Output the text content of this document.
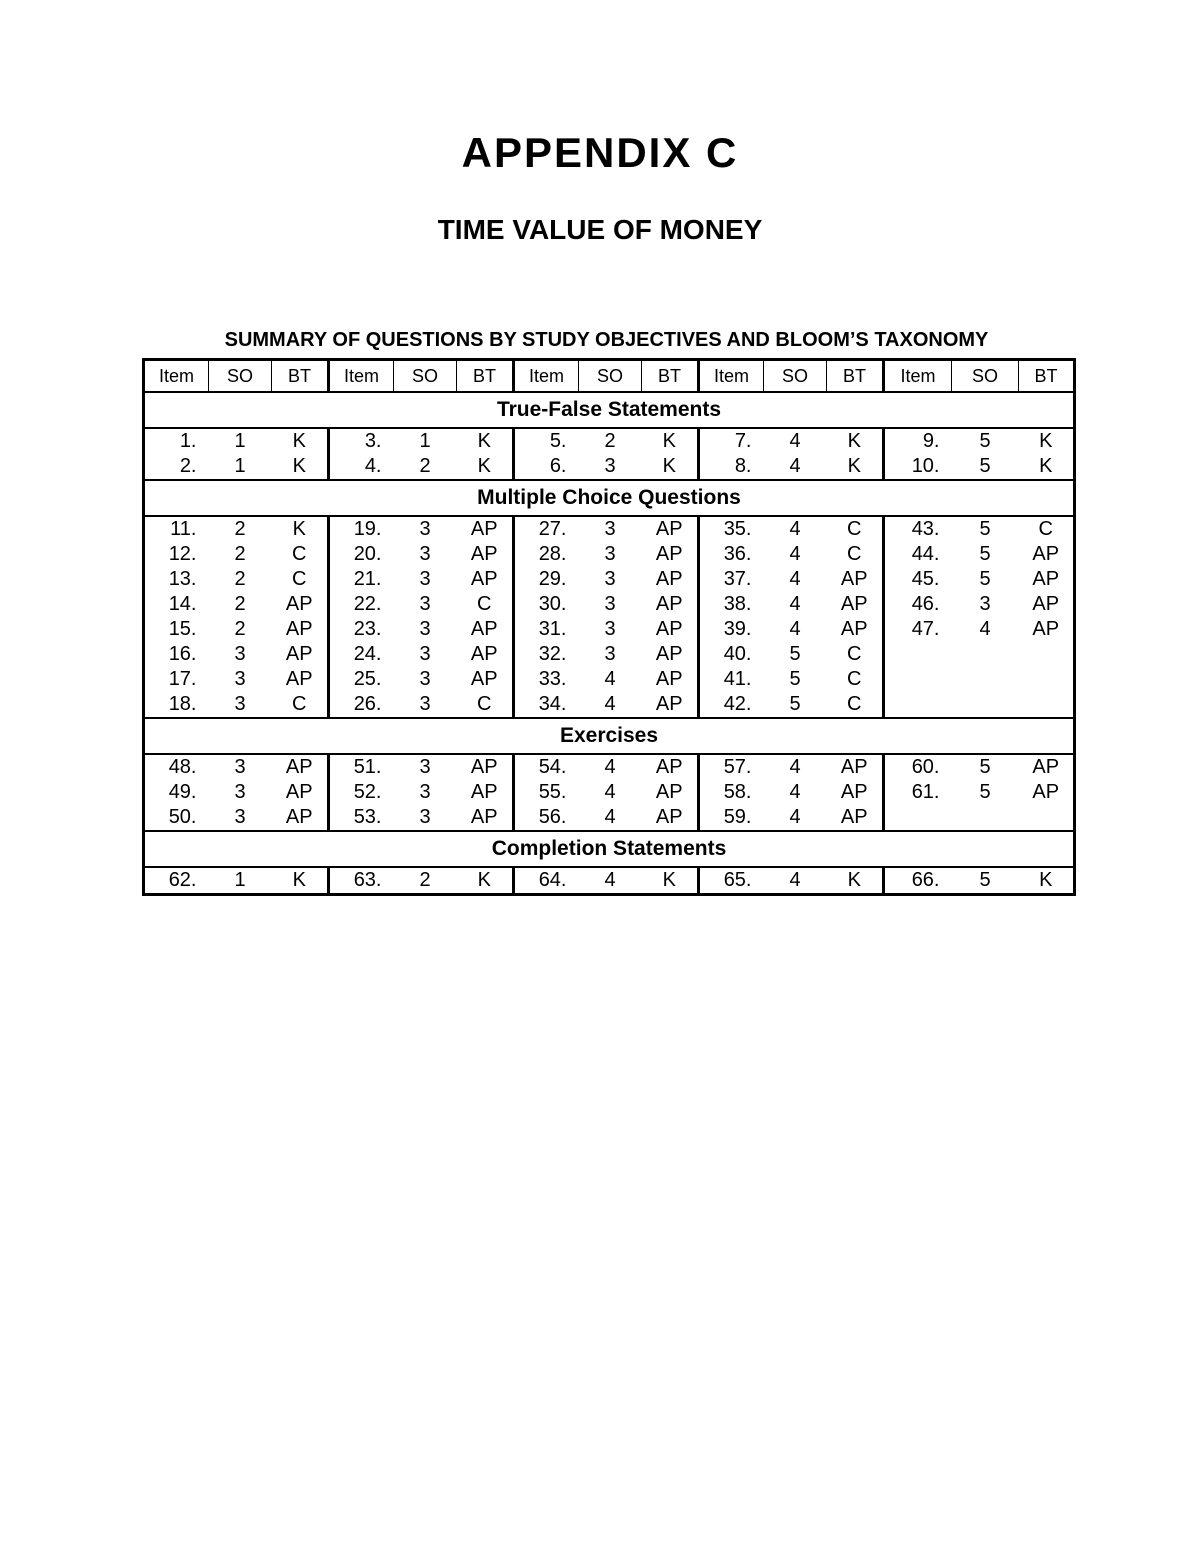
APPENDIX C
TIME VALUE OF MONEY
SUMMARY OF QUESTIONS BY STUDY OBJECTIVES AND BLOOM’S TAXONOMY
Item	SO	BT	Item	SO	BT	Item	SO	BT	Item	SO	BT	Item	SO	BT
True-False Statements														
1.	1	K	3.	1	K	5.	2	K	7.	4	K	9.	5	K
2.	1	K	4.	2	K	6.	3	K	8.	4	K	10.	5	K
Multiple Choice Questions														
11.	2	K	19.	3	AP	27.	3	AP	35.	4	C	43.	5	C
12.	2	C	20.	3	AP	28.	3	AP	36.	4	C	44.	5	AP
13.	2	C	21.	3	AP	29.	3	AP	37.	4	AP	45.	5	AP
14.	2	AP	22.	3	C	30.	3	AP	38.	4	AP	46.	3	AP
15.	2	AP	23.	3	AP	31.	3	AP	39.	4	AP	47.	4	AP
16.	3	AP	24.	3	AP	32.	3	AP	40.	5	C			
17.	3	AP	25.	3	AP	33.	4	AP	41.	5	C			
18.	3	C	26.	3	C	34.	4	AP	42.	5	C			
Exercises														
48.	3	AP	51.	3	AP	54.	4	AP	57.	4	AP	60.	5	AP
49.	3	AP	52.	3	AP	55.	4	AP	58.	4	AP	61.	5	AP
50.	3	AP	53.	3	AP	56.	4	AP	59.	4	AP			
Completion Statements														
62.	1	K	63.	2	K	64.	4	K	65.	4	K	66.	5	K
